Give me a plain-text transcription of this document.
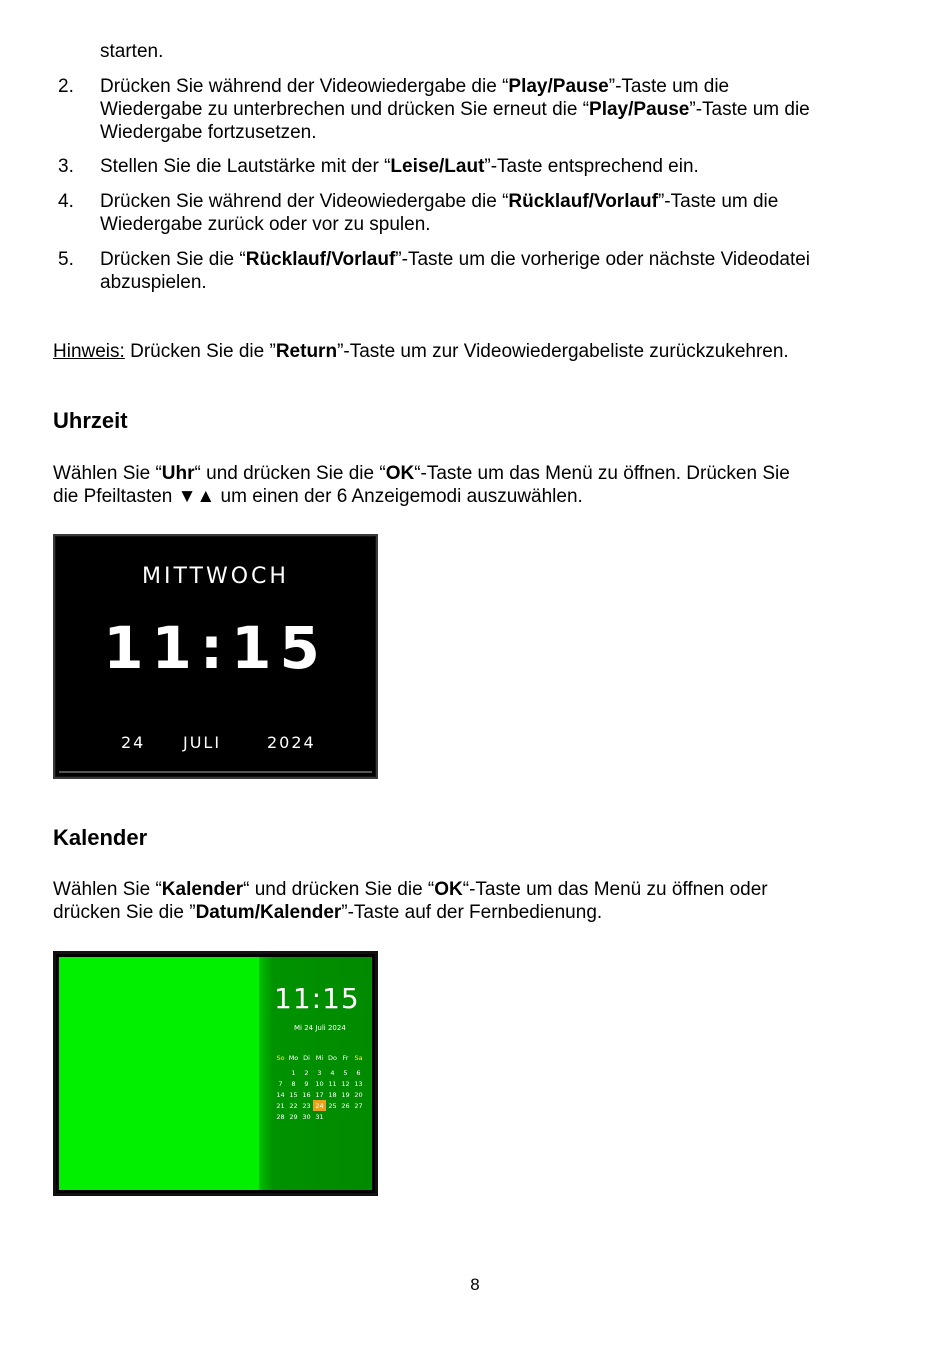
starten.
2. Drücken Sie während der Videowiedergabe die “Play/Pause”-Taste um die
Wiedergabe zu unterbrechen und drücken Sie erneut die “Play/Pause”-Taste um die
Wiedergabe fortzusetzen.
3. Stellen Sie die Lautstärke mit der “Leise/Laut”-Taste entsprechend ein.
4. Drücken Sie während der Videowiedergabe die “Rücklauf/Vorlauf”-Taste um die
Wiedergabe zurück oder vor zu spulen.
5. Drücken Sie die “Rücklauf/Vorlauf”-Taste um die vorherige oder nächste Videodatei
abzuspielen.
Hinweis: Drücken Sie die ”Return”-Taste um zur Videowiedergabeliste zurückzukehren.
Uhrzeit
Wählen Sie “Uhr“ und drücken Sie die “OK“-Taste um das Menü zu öffnen. Drücken Sie
die Pfeiltasten ▼▲ um einen der 6 Anzeigemodi auszuwählen.
MITTWOCH
11:15
24 JULI	2024
Kalender
Wählen Sie “Kalender“ und drücken Sie die “OK“-Taste um das Menü zu öffnen oder
drücken Sie die ”Datum/Kalender”-Taste auf der Fernbedienung.
11:15
Mi 24 Juli 2024
So	Mo	Di	Mi	Do	Fr	Sa

	1	2	3	4	5	6
7	8	9	10	11	12	13
14	15	16	17	18	19	20
21	22	23	24	25	26	27
28	29	30	31			
8
